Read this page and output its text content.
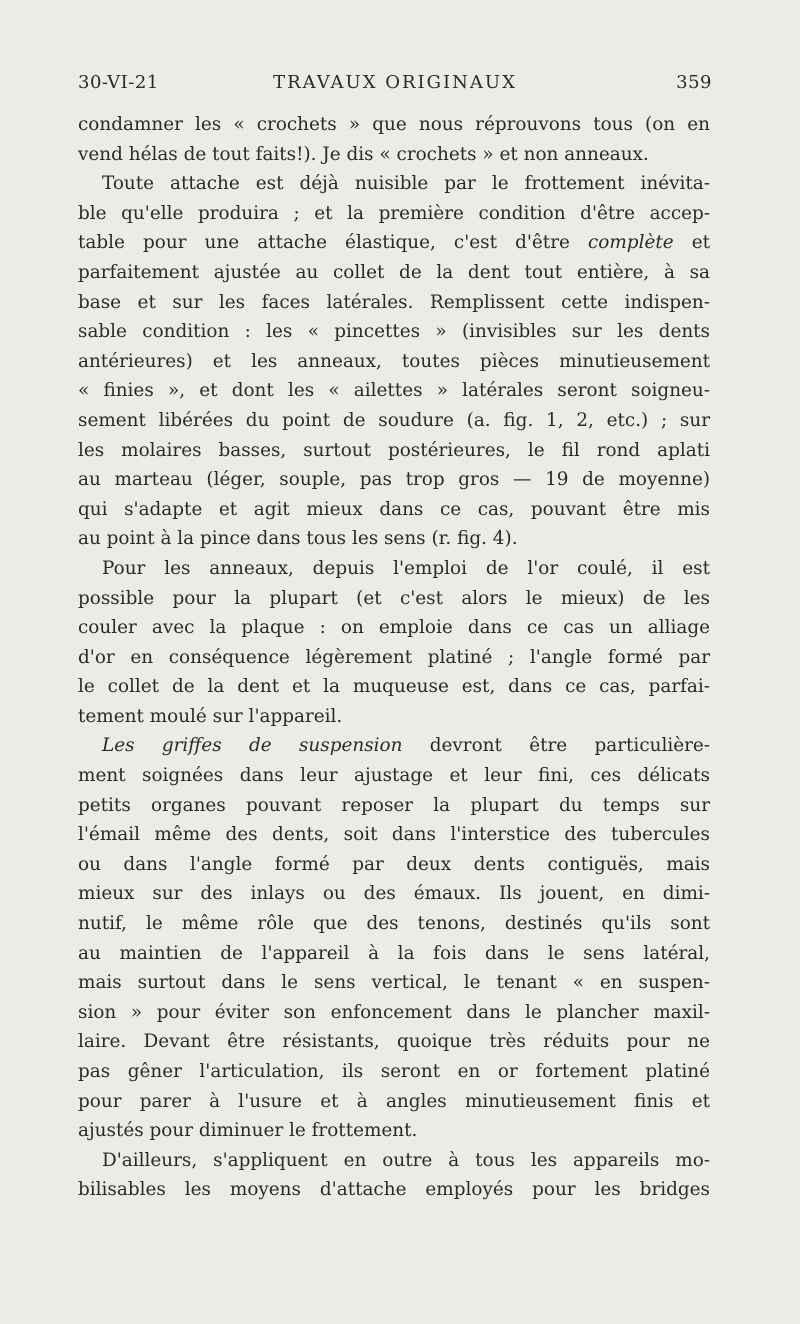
30-VI-21	TRAVAUX ORIGINAUX	359
condamner les « crochets » que nous réprouvons tous (on en
vend hélas de tout faits!). Je dis « crochets » et non anneaux.
Toute attache est déjà nuisible par le frottement inévita-
ble qu'elle produira ; et la première condition d'être accep-
table pour une attache élastique, c'est d'être complète et
parfaitement ajustée au collet de la dent tout entière, à sa
base et sur les faces latérales. Remplissent cette indispen-
sable condition : les « pincettes » (invisibles sur les dents
antérieures) et les anneaux, toutes pièces minutieusement
« finies », et dont les « ailettes » latérales seront soigneu-
sement libérées du point de soudure (a. fig. 1, 2, etc.) ; sur
les molaires basses, surtout postérieures, le fil rond aplati
au marteau (léger, souple, pas trop gros — 19 de moyenne)
qui s'adapte et agit mieux dans ce cas, pouvant être mis
au point à la pince dans tous les sens (r. fig. 4).
Pour les anneaux, depuis l'emploi de l'or coulé, il est
possible pour la plupart (et c'est alors le mieux) de les
couler avec la plaque : on emploie dans ce cas un alliage
d'or en conséquence légèrement platiné ; l'angle formé par
le collet de la dent et la muqueuse est, dans ce cas, parfai-
tement moulé sur l'appareil.
Les griffes de suspension devront être particulière-
ment soignées dans leur ajustage et leur fini, ces délicats
petits organes pouvant reposer la plupart du temps sur
l'émail même des dents, soit dans l'interstice des tubercules
ou dans l'angle formé par deux dents contiguës, mais
mieux sur des inlays ou des émaux. Ils jouent, en dimi-
nutif, le même rôle que des tenons, destinés qu'ils sont
au maintien de l'appareil à la fois dans le sens latéral,
mais surtout dans le sens vertical, le tenant « en suspen-
sion » pour éviter son enfoncement dans le plancher maxil-
laire. Devant être résistants, quoique très réduits pour ne
pas gêner l'articulation, ils seront en or fortement platiné
pour parer à l'usure et à angles minutieusement finis et
ajustés pour diminuer le frottement.
D'ailleurs, s'appliquent en outre à tous les appareils mo-
bilisables les moyens d'attache employés pour les bridges
